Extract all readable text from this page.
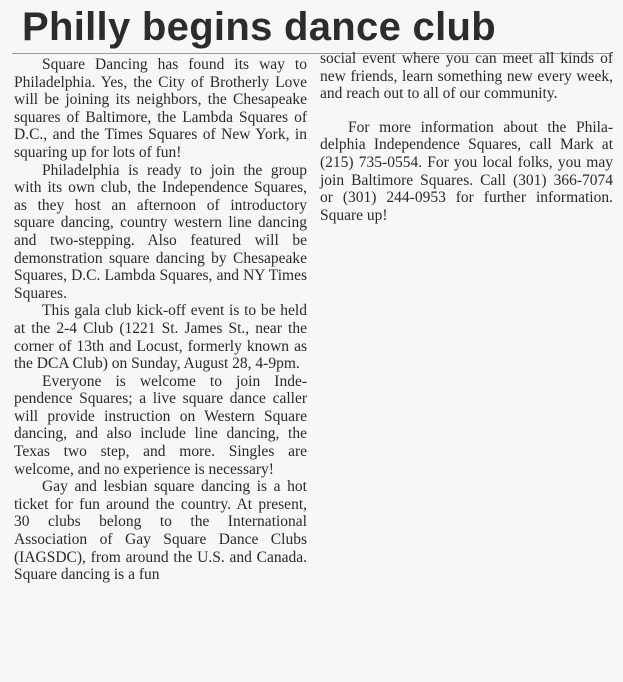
Philly begins dance club

Square Dancing has found its way to Philadelphia. Yes, the City of Brotherly Love will be joining its neighbors, the Chesapeake squares of Baltimore, the Lambda Squares of D.C., and the Times Squares of New York, in squaring up for lots of fun!

Philadelphia is ready to join the group with its own club, the Independence Squares, as they host an afternoon of introductory square dancing, country western line dancing and two-stepping. Also featured will be demonstration square dancing by Chesapeake Squares, D.C. Lambda Squares, and NY Times Squares.

This gala club kick-off event is to be held at the 2-4 Club (1221 St. James St., near the corner of 13th and Locust, formerly known as the DCA Club) on Sunday, August 28, 4-9pm.

Everyone is welcome to join Independence Squares; a live square dance caller will provide instruction on Western Square dancing, and also include line dancing, the Texas two step, and more. Singles are welcome, and no experience is necessary!

Gay and lesbian square dancing is a hot ticket for fun around the country. At present, 30 clubs belong to the International Association of Gay Square Dance Clubs (IAGSDC), from around the U.S. and Canada. Square dancing is a fun

social event where you can meet all kinds of new friends, learn something new every week, and reach out to all of our community.

For more information about the Philadelphia Independence Squares, call Mark at (215) 735-0554. For you local folks, you may join Baltimore Squares. Call (301) 366-7074 or (301) 244-0953 for further information. Square up!
